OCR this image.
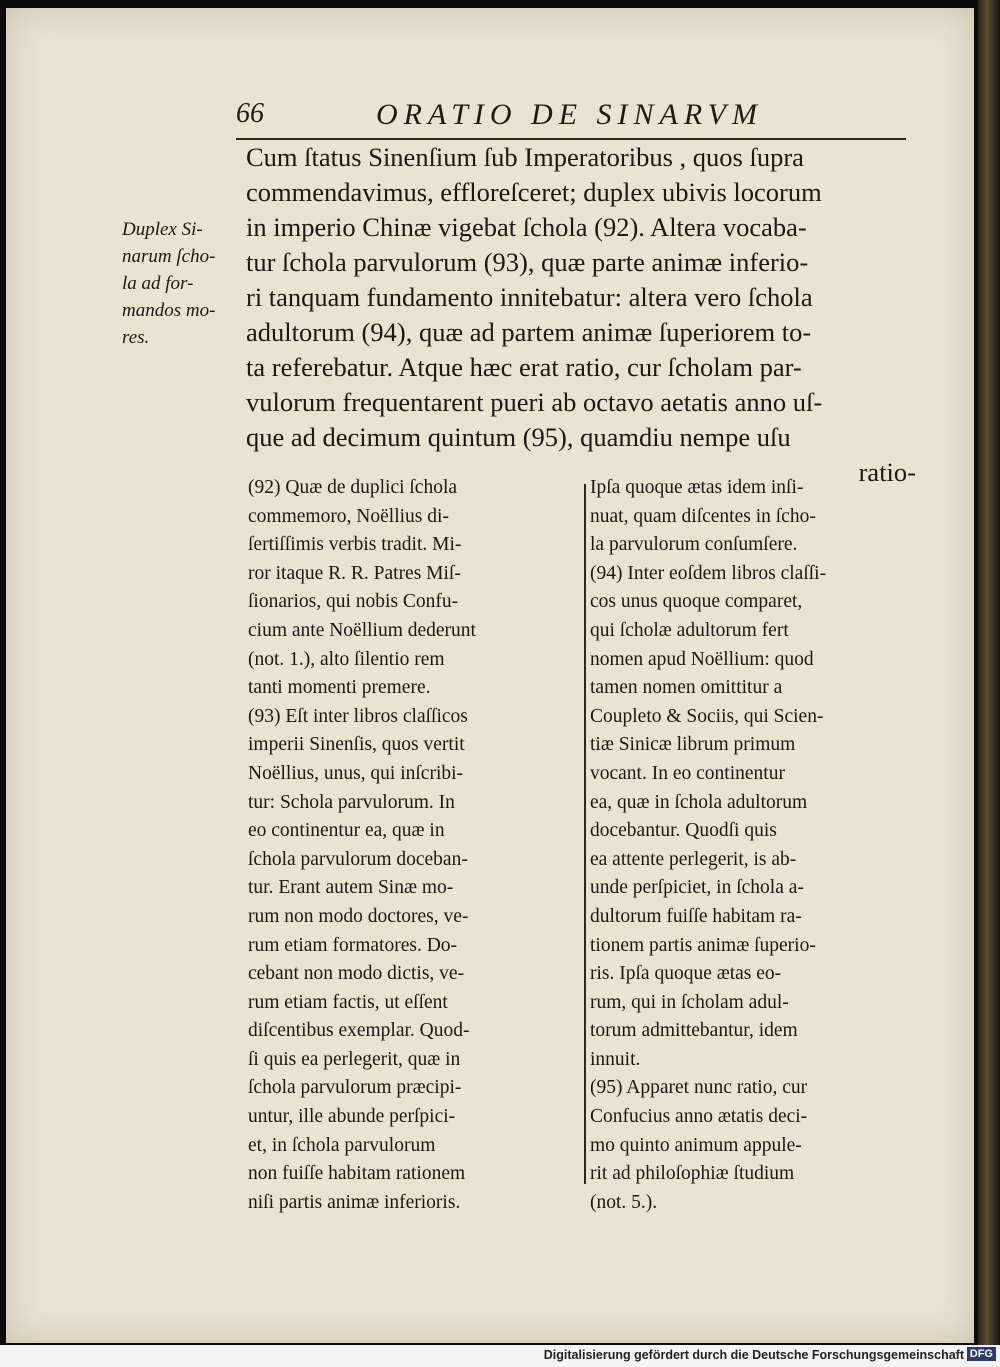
66	ORATIO DE SINARVM
Cum ſtatus Sinenſium ſub Imperatoribus , quos ſupra
commendavimus, efflorеſceret; duplex ubivis locorum
in imperio Chinæ vigebat ſchola (92). Altera vocaba-
tur ſchola parvulorum (93), quæ parte animæ inferio-
ri tanquam fundamento innitebatur: altera vero ſchola
adultorum (94), quæ ad partem animæ ſuperiorem to-
ta referebatur. Atque hæc erat ratio, cur ſcholam par-
vulorum frequentarent pueri ab octavo aetatis anno uſ-
que ad decimum quintum (95), quamdiu nempe uſu
ratio-
Duplex Si-
narum ſcho-
la ad for-
mandos mo-
res.
(92) Quæ de duplici ſchola
commemoro, Noëllius di-
ſertiſſimis verbis tradit. Mi-
ror itaque R. R. Patres Miſ-
ſionarios, qui nobis Confu-
cium ante Noëllium dederunt
(not. 1.), alto ſilentio rem
tanti momenti premere.
(93) Eſt inter libros claſſicos
imperii Sinenſis, quos vertit
Noëllius, unus, qui inſcribi-
tur: Schola parvulorum. In
eo continentur ea, quæ in
ſchola parvulorum doceban-
tur. Erant autem Sinæ mo-
rum non modo doctores, ve-
rum etiam formatores. Do-
cebant non modo dictis, ve-
rum etiam factis, ut eſſent
diſcentibus exemplar. Quod-
ſi quis ea perlegerit, quæ in
ſchola parvulorum præcipi-
untur, ille abunde perſpici-
et, in ſchola parvulorum
non fuiſſe habitam rationem
niſi partis animæ inferioris.
Ipſa quoque ætas idem inſi-
nuat, quam diſcentes in ſcho-
la parvulorum conſumſere.
(94) Inter eoſdem libros claſſi-
cos unus quoque comparet,
qui ſcholæ adultorum fert
nomen apud Noëllium: quod
tamen nomen omittitur a
Coupleto & Sociis, qui Scien-
tiæ Sinicæ librum primum
vocant. In eo continentur
ea, quæ in ſchola adultorum
docebantur. Quodſi quis
ea attente perlegerit, is ab-
unde perſpiciet, in ſchola a-
dultorum fuiſſe habitam ra-
tionem partis animæ ſuperio-
ris. Ipſa quoque ætas eo-
rum, qui in ſcholam adul-
torum admittebantur, idem
innuit.
(95) Apparet nunc ratio, cur
Confucius anno ætatis deci-
mo quinto animum appule-
rit ad philoſophiæ ſtudium
(not. 5.).
Digitalisierung gefördert durch die Deutsche Forschungsgemeinschaft DFG
